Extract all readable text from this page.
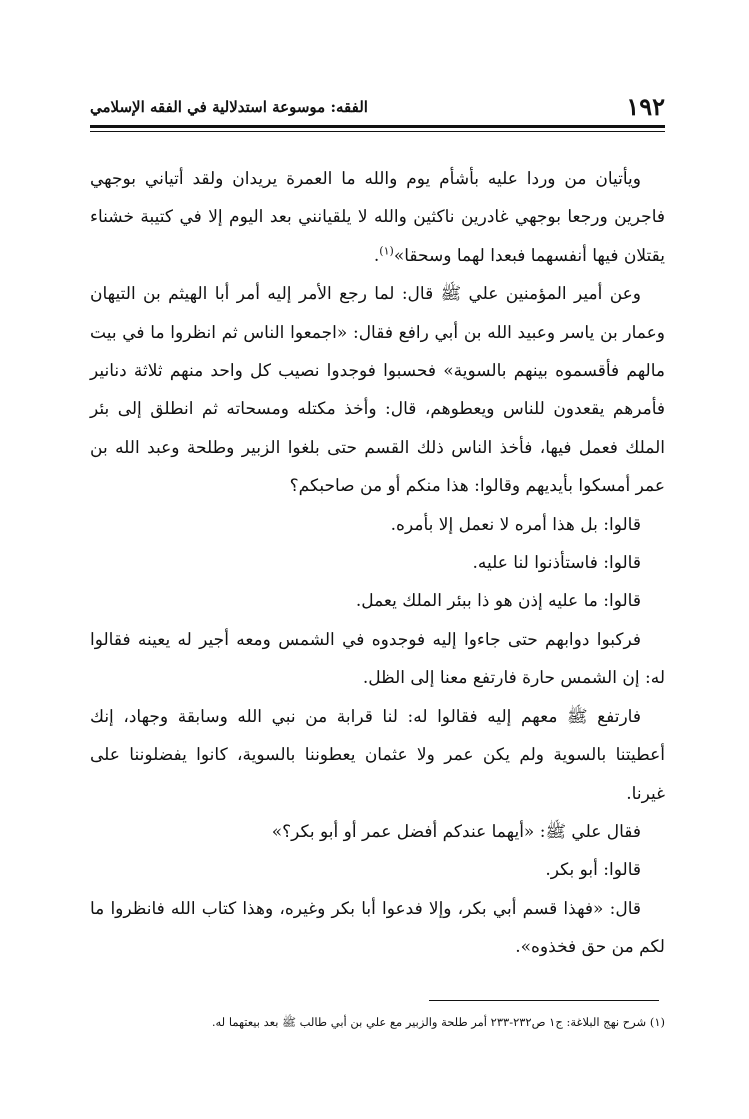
١٩٢
الفقه: موسوعة استدلالية في الفقه الإسلامي

ويأتيان من وردا عليه بأشأم يوم والله ما العمرة يريدان ولقد أتياني بوجهي فاجرين ورجعا بوجهي غادرين ناكثين والله لا يلقيانني بعد اليوم إلا في كتيبة خشناء يقتلان فيها أنفسهما فبعدا لهما وسحقا»$^{(١)}$.

وعن أمير المؤمنين علي ﷺ قال: لما رجع الأمر إليه أمر أبا الهيثم بن التيهان وعمار بن ياسر وعبيد الله بن أبي رافع فقال: «اجمعوا الناس ثم انظروا ما في بيت مالهم فأقسموه بينهم بالسوية» فحسبوا فوجدوا نصيب كل واحد منهم ثلاثة دنانير فأمرهم يقعدون للناس ويعطوهم، قال: وأخذ مكتله ومسحاته ثم انطلق إلى بئر الملك فعمل فيها، فأخذ الناس ذلك القسم حتى بلغوا الزبير وطلحة وعبد الله بن عمر أمسكوا بأيديهم وقالوا: هذا منكم أو من صاحبكم؟

قالوا: بل هذا أمره لا نعمل إلا بأمره.

قالوا: فاستأذنوا لنا عليه.

قالوا: ما عليه إذن هو ذا ببئر الملك يعمل.

فركبوا دوابهم حتى جاءوا إليه فوجدوه في الشمس ومعه أجير له يعينه فقالوا له: إن الشمس حارة فارتفع معنا إلى الظل.

فارتفع ﷺ معهم إليه فقالوا له: لنا قرابة من نبي الله وسابقة وجهاد، إنك أعطيتنا بالسوية ولم يكن عمر ولا عثمان يعطوننا بالسوية، كانوا يفضلوننا على غيرنا.

فقال علي ﷺ: «أيهما عندكم أفضل عمر أو أبو بكر؟»

قالوا: أبو بكر.

قال: «فهذا قسم أبي بكر، وإلا فدعوا أبا بكر وغيره، وهذا كتاب الله فانظروا ما لكم من حق فخذوه».

(١) شرح نهج البلاغة: ج١ ص٢٣٢-٢٣٣ أمر طلحة والزبير مع علي بن أبي طالب ﷺ بعد بيعتهما له.
